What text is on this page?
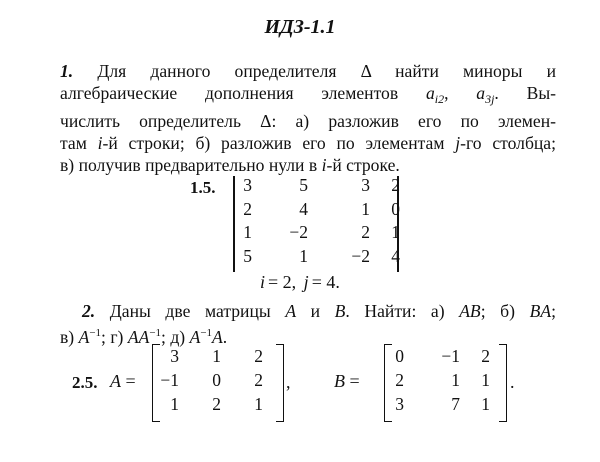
ИДЗ-1.1
1. Для данного определителя Δ найти миноры и
алгебраические дополнения элементов $a_{i2}$, $a_{3j}$. Вы-
числить определитель Δ: а) разложив его по элемен-
там i-й строки; б) разложив его по элементам j-го столбца;
в) получив предварительно нули в i-й строке.
1.5.	3	5	3	2
2	4	1	0
1	−2	2	1
5	1	−2	4
i = 2, j = 4.
2. Даны две матрицы A и B. Найти: а) AB; б) BA;
в) $A^{-1}$; г) $AA^{-1}$; д) $A^{-1}A$.
2.5. A =	,
3	1	2
−1	0	2
1	2	1
B =	.
0	−1	2
2	1	1
3	7	1
